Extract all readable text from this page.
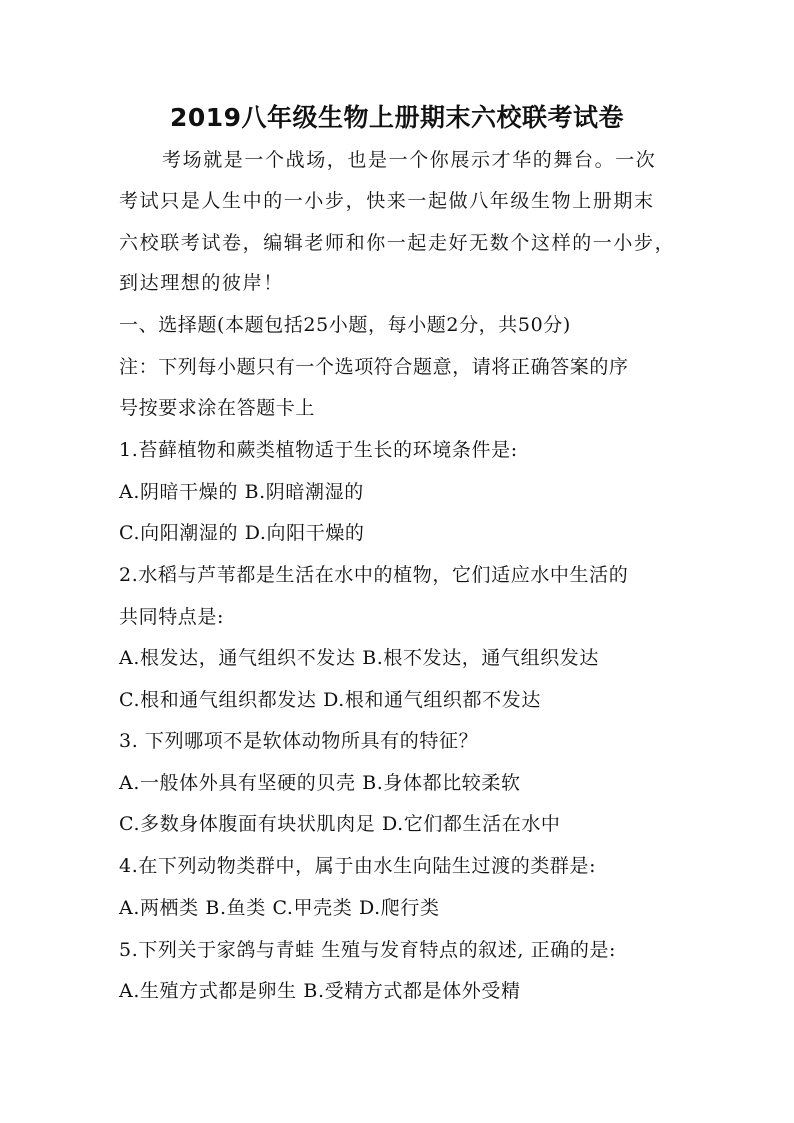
2019八年级生物上册期末六校联考试卷
考场就是一个战场，也是一个你展示才华的舞台。一次
考试只是人生中的一小步，快来一起做八年级生物上册期末
六校联考试卷，编辑老师和你一起走好无数个这样的一小步，
到达理想的彼岸！
一、选择题(本题包括25小题，每小题2分，共50分)
注：下列每小题只有一个选项符合题意，请将正确答案的序
号按要求涂在答题卡上
1.苔藓植物和蕨类植物适于生长的环境条件是:
A.阴暗干燥的 B.阴暗潮湿的
C.向阳潮湿的 D.向阳干燥的
2.水稻与芦苇都是生活在水中的植物，它们适应水中生活的
共同特点是:
A.根发达，通气组织不发达 B.根不发达，通气组织发达
C.根和通气组织都发达 D.根和通气组织都不发达
3. 下列哪项不是软体动物所具有的特征？
A.一般体外具有坚硬的贝壳 B.身体都比较柔软
C.多数身体腹面有块状肌肉足 D.它们都生活在水中
4.在下列动物类群中，属于由水生向陆生过渡的类群是:
A.两栖类 B.鱼类 C.甲壳类 D.爬行类
5.下列关于家鸽与青蛙 生殖与发育特点的叙述, 正确的是:
A.生殖方式都是卵生 B.受精方式都是体外受精
